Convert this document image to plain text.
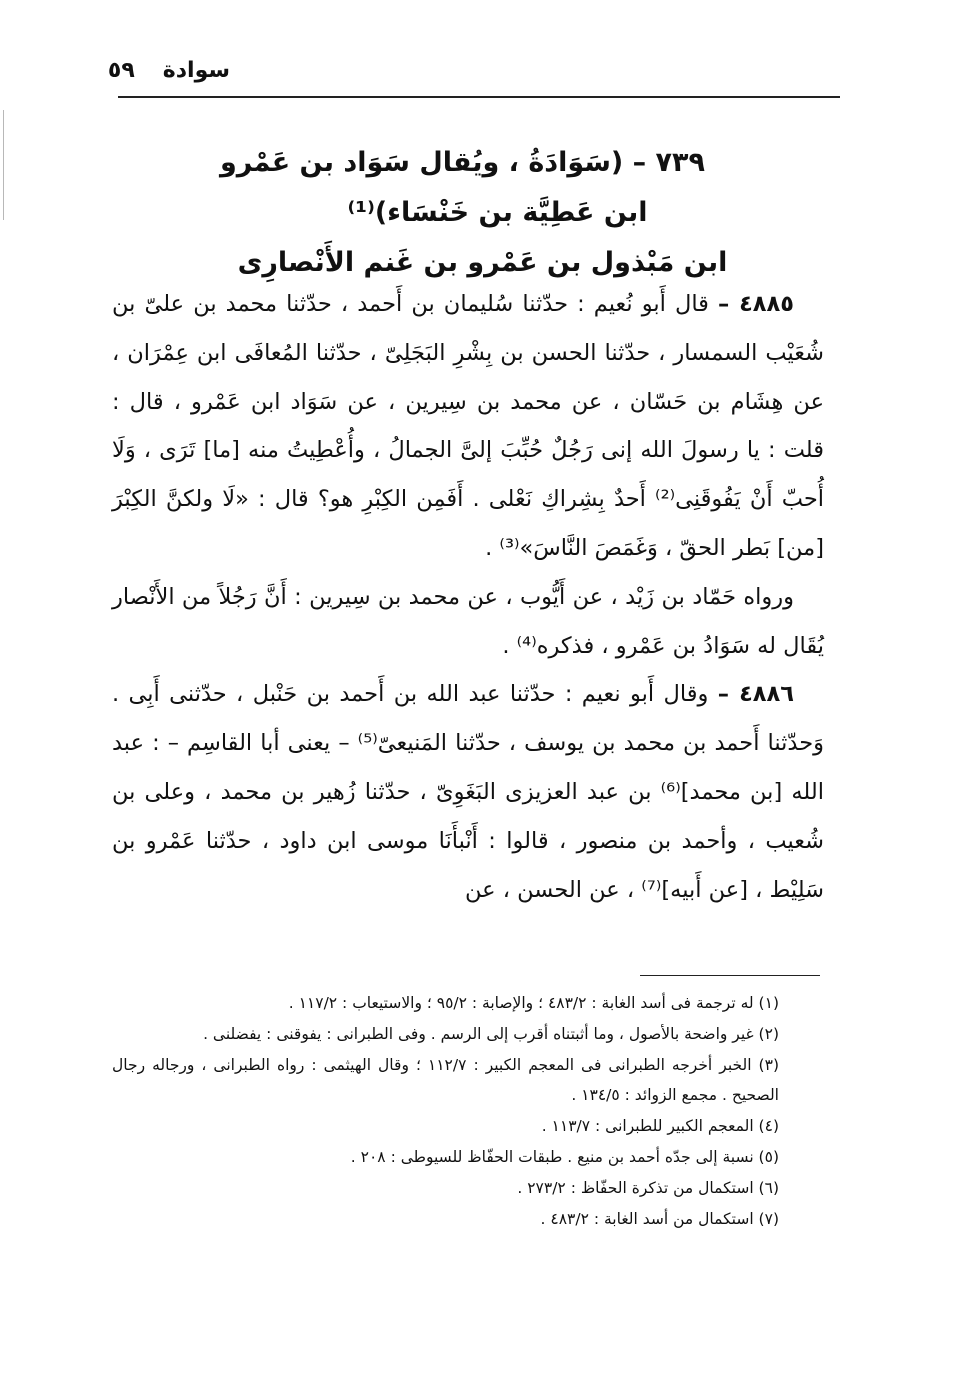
سوادة
٥٩
٧٣٩ – (سَوَادَةُ ، ويُقال سَوَاد بن عَمْرو
ابن عَطِيَّة بن خَنْسَاء)⁽¹⁾
ابن مَبْذول بن عَمْرو بن غَنم الأَنْصارِى

٤٨٨٥ – قال أَبو نُعيم : حدّثنا سُليمان بن أَحمد ، حدّثنا محمد بن علىّ بن شُعَيْب السمسار ، حدّثنا الحسن بن بِشْرِ البَجَلِىّ ، حدّثنا المُعافَى ابن عِمْرَان ، عن هِشَام بن حَسّان ، عن محمد بن سِيرين ، عن سَوَاد ابن عَمْرو ، قال : قلت : يا رسولَ الله إنى رَجُلٌ حُبِّبَ إلىَّ الجمالُ ، وأُعْطِيتُ منه [ما] تَرَى ، وَلَا أُحبّ أَنْ يَفُوقَنِى⁽²⁾ أَحدٌ بِشِراكِ نَعْلى . أَفَمِن الكِبْرِ هو؟ قال : «لَا ولكنَّ الكِبْرَ [من] بَطر الحقّ ، وَغَمَصَ النَّاسَ»⁽³⁾ .

ورواه حَمّاد بن زَيْد ، عن أَيُّوب ، عن محمد بن سِيرين : أَنَّ رَجُلاً من الأَنْصار يُقَال له سَوَادُ بن عَمْرو ، فذكره⁽⁴⁾ .

٤٨٨٦ – وقال أَبو نعيم : حدّثنا عبد الله بن أَحمد بن حَنْبل ، حدّثنى أَبِى . وَحدّثنا أَحمد بن محمد بن يوسف ، حدّثنا المَنيعىّ⁽⁵⁾ – يعنى أبا القاسِم – : عبد الله [بن محمد]⁽⁶⁾ بن عبد العزيزى البَغَوِىّ ، حدّثنا زُهير بن محمد ، وعلى بن شُعيب ، وأحمد بن منصور ، قالوا : أَنْبأَنَا موسى ابن داود ، حدّثنا عَمْرو بن سَلِيْط ، [عن أَبيه]⁽⁷⁾ ، عن الحسن ، عن

(١) له ترجمة فى أسد الغابة : ٤٨٣/٢ ؛ والإصابة : ٩٥/٢ ؛ والاستيعاب : ١١٧/٢ .

(٢) غير واضحة بالأصول ، وما أثبتناه أقرب إلى الرسم . وفى الطبرانى : يفوقنى : يفضلنى .

(٣) الخبر أخرجه الطبرانى فى المعجم الكبير : ١١٢/٧ ؛ وقال الهيثمى : رواه الطبرانى ، ورجاله رجال الصحيح . مجمع الزوائد : ١٣٤/٥ .

(٤) المعجم الكبير للطبرانى : ١١٣/٧ .

(٥) نسبة إلى جدّه أحمد بن منيع . طبقات الحفّاظ للسيوطى : ٢٠٨ .

(٦) استكمال من تذكرة الحفّاظ : ٢٧٣/٢ .

(٧) استكمال من أسد الغابة : ٤٨٣/٢ .
